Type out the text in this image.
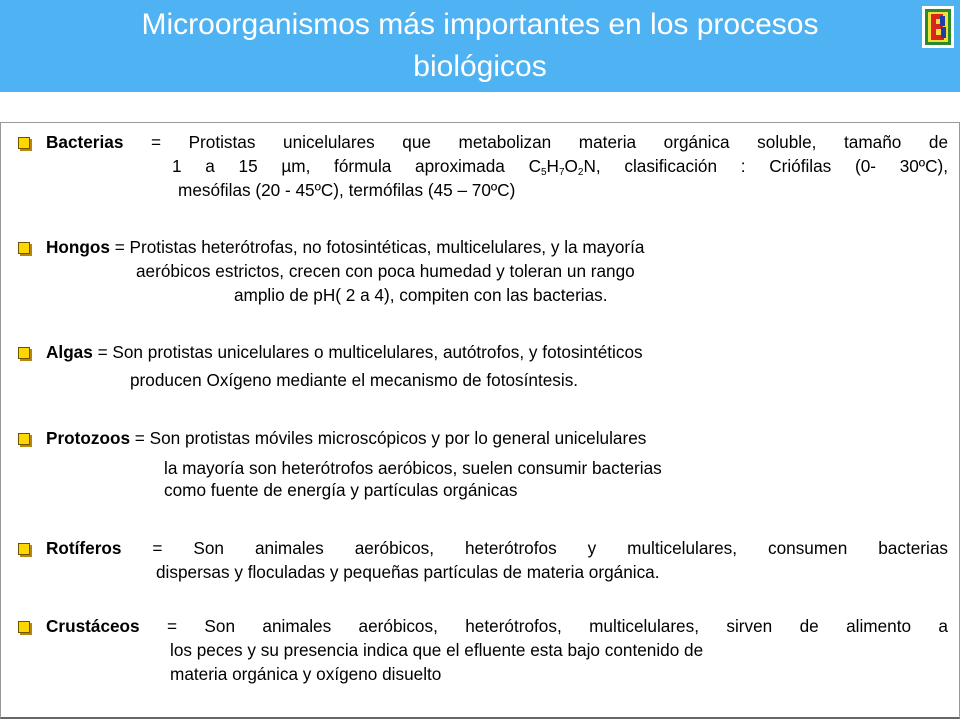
Microorganismos más importantes en los procesos
biológicos
Bacterias = Protistas unicelulares que metabolizan materia orgánica soluble, tamaño de
1 a 15 µm, fórmula aproximada $C_5H_7O_2N$, clasificación : Criófilas (0- 30ºC),
mesófilas (20 - 45ºC), termófilas (45 – 70ºC)
Hongos = Protistas heterótrofas, no fotosintéticas, multicelulares, y la mayoría
aeróbicos estrictos, crecen con poca humedad y toleran un rango
amplio de pH( 2 a 4), compiten con las bacterias.
Algas = Son protistas unicelulares o multicelulares, autótrofos, y fotosintéticos
producen Oxígeno mediante el mecanismo de fotosíntesis.
Protozoos = Son protistas móviles microscópicos y por lo general unicelulares
la mayoría son heterótrofos aeróbicos, suelen consumir bacterias
como fuente de energía y partículas orgánicas
Rotíferos = Son animales aeróbicos, heterótrofos y multicelulares, consumen bacterias
dispersas y floculadas y pequeñas partículas de materia orgánica.
Crustáceos = Son animales aeróbicos, heterótrofos, multicelulares, sirven de alimento a
los peces y su presencia indica que el efluente esta bajo contenido de
materia orgánica y oxígeno disuelto
